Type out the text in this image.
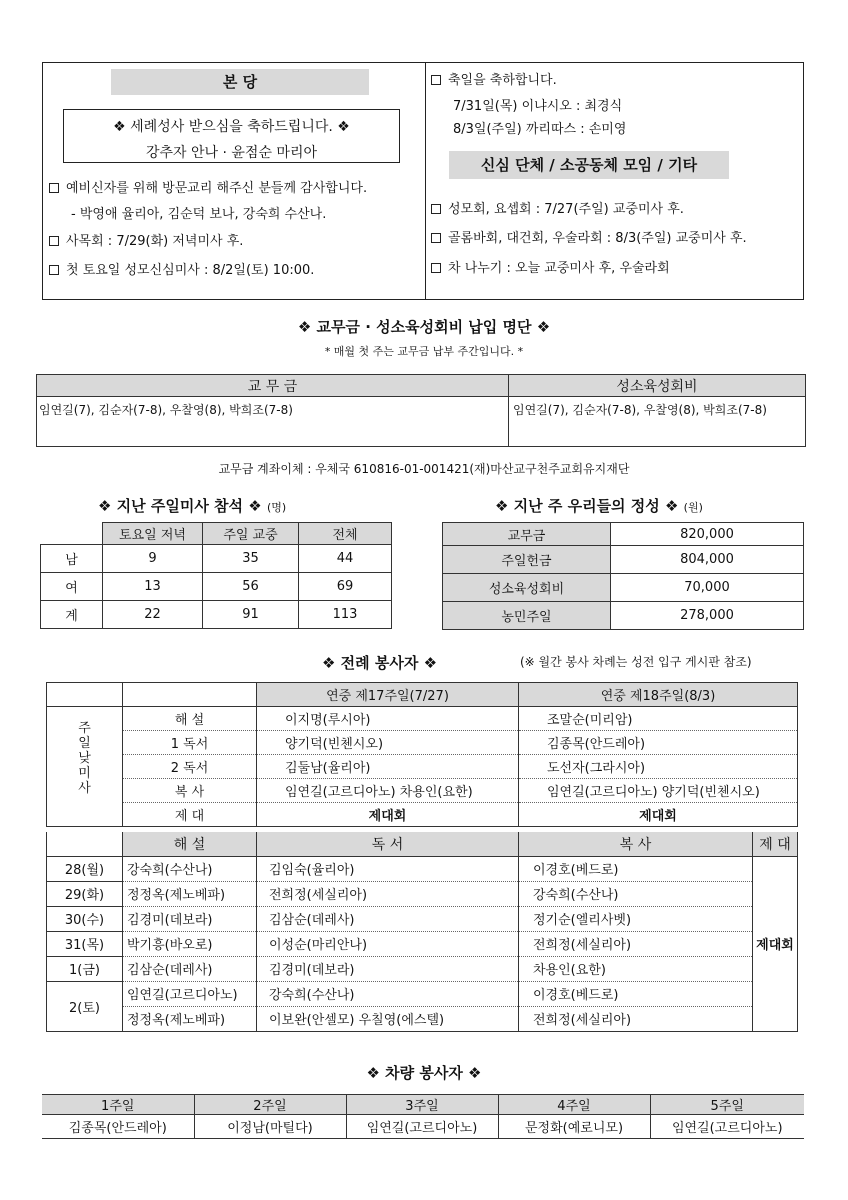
본 당
❖ 세례성사 받으심을 축하드립니다. ❖
강추자 안나 · 윤점순 마리아
예비신자를 위해 방문교리 해주신 분들께 감사합니다.
- 박영애 율리아, 김순덕 보나, 강숙희 수산나.
사목회 : 7/29(화) 저녁미사 후.
첫 토요일 성모신심미사 : 8/2일(토) 10:00.
축일을 축하합니다.
7/31일(목) 이냐시오 : 최경식
8/3일(주일) 까리따스 : 손미영
신심 단체 / 소공동체 모임 / 기타
성모회, 요셉회 : 7/27(주일) 교중미사 후.
골롬바회, 대건회, 우술라회 : 8/3(주일) 교중미사 후.
차 나누기 : 오늘 교중미사 후, 우술라회
❖ 교무금 · 성소육성회비 납입 명단 ❖
* 매월 첫 주는 교무금 납부 주간입니다. *
교 무 금	성소육성회비
임연길(7), 김순자(7-8), 우찰영(8), 박희조(7-8)	임연길(7), 김순자(7-8), 우찰영(8), 박희조(7-8)
교무금 계좌이체 : 우체국 610816-01-001421(재)마산교구천주교회유지재단
❖ 지난 주일미사 참석 ❖ (명)
	토요일 저녁	주일 교중	전체
남	9	35	44
여	13	56	69
계	22	91	113
❖ 지난 주 우리들의 정성 ❖ (원)
교무금	820,000
주일헌금	804,000
성소육성회비	70,000
농민주일	278,000
❖ 전례 봉사자 ❖	(※ 월간 봉사 차례는 성전 입구 게시판 참조)
		연중 제17주일(7/27)	연중 제18주일(8/3)

주
일
낮
미
사	해 설	이지명(루시아)	조말순(미리암)
	1 독서	양기덕(빈첸시오)	김종목(안드레아)
	2 독서	김둘남(율리아)	도선자(그라시아)
	복 사	임연길(고르디아노) 차용인(요한)	임연길(고르디아노) 양기덕(빈첸시오)
	제 대	제대회	제대회
	해 설	독 서	복 사	제 대
28(월)	강숙희(수산나)	김임숙(율리아)	이경호(베드로)	제대회
29(화)	정정옥(제노베파)	전희정(세실리아)	강숙희(수산나)	
30(수)	김경미(데보라)	김삼순(데레사)	정기순(엘리사벳)	
31(목)	박기흥(바오로)	이성순(마리안나)	전희정(세실리아)	
1(금)	김삼순(데레사)	김경미(데보라)	차용인(요한)	
2(토)	임연길(고르디아노)	강숙희(수산나)	이경호(베드로)	
	정정옥(제노베파)	이보완(안셀모) 우칠영(에스텔)	전희정(세실리아)	
❖ 차량 봉사자 ❖
1주일	2주일	3주일	4주일	5주일
김종목(안드레아)	이정남(마틸다)	임연길(고르디아노)	문정화(예로니모)	임연길(고르디아노)
